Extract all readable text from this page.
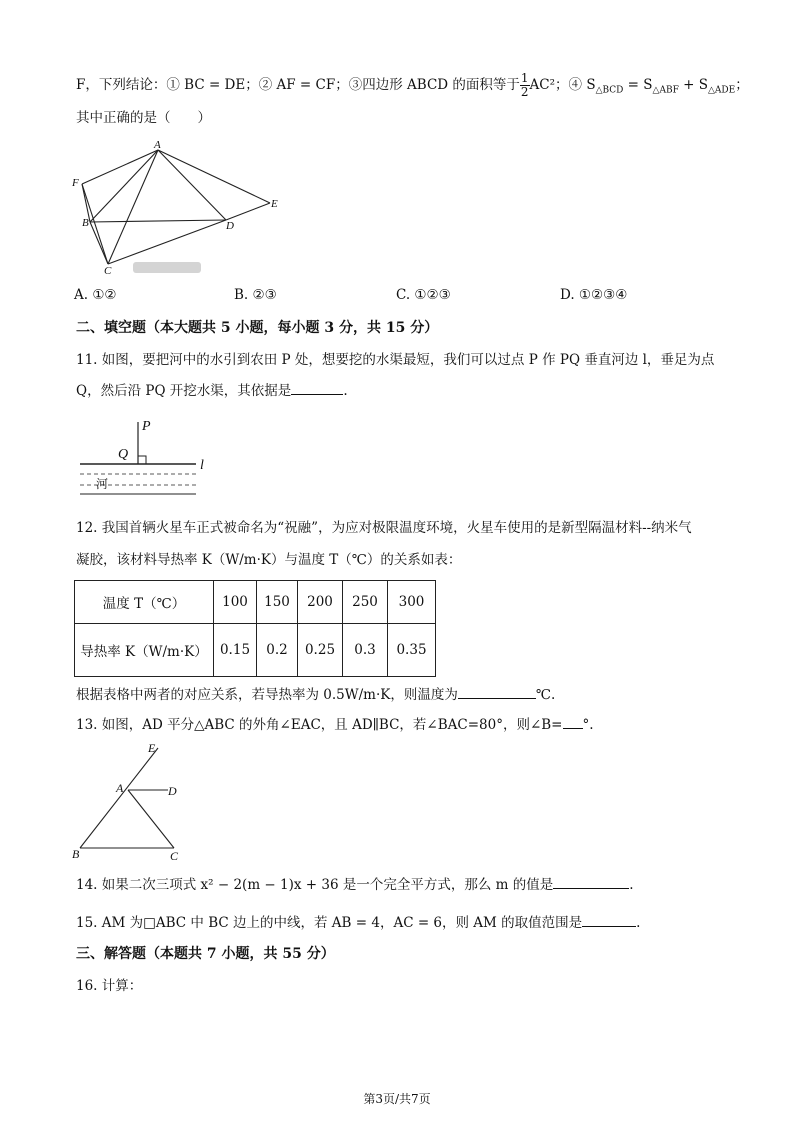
F，下列结论：① BC = DE；② AF = CF；③四边形 ABCD 的面积等于 $\frac{1}{2} AC^2$；④ $S_{\triangle BCD} = S_{\triangle ABF} + S_{\triangle ADE}$；
其中正确的是（　　）
A
F
B	D
E
C
A. ①②	B. ②③	C. ①②③	D. ①②③④
二、填空题（本大题共 5 小题，每小题 3 分，共 15 分）
11. 如图，要把河中的水引到农田 P 处，想要挖的水渠最短，我们可以过点 P 作 PQ 垂直河边 l，垂足为点
Q，然后沿 PQ 开挖水渠，其依据是	.
P
Q
l
河
12. 我国首辆火星车正式被命名为“祝融”，为应对极限温度环境，火星车使用的是新型隔温材料--纳米气
凝胶，该材料导热率 K（W/m·K）与温度 T（℃）的关系如表：
温度 T（℃）	100	150	200	250	300
导热率 K（W/m·K）	0.15	0.2	0.25	0.3	0.35
根据表格中两者的对应关系，若导热率为 0.5W/m·K，则温度为	℃.
13. 如图，AD 平分△ABC 的外角∠EAC，且 AD∥BC，若∠BAC=80°，则∠B= °.
E
A	D
B	C
14. 如果二次三项式 x² − 2(m − 1)x + 36 是一个完全平方式，那么 m 的值是	.
15. AM 为□ABC 中 BC 边上的中线，若 AB = 4，AC = 6，则 AM 的取值范围是	.
三、解答题（本题共 7 小题，共 55 分）
16. 计算：
第3页/共7页
